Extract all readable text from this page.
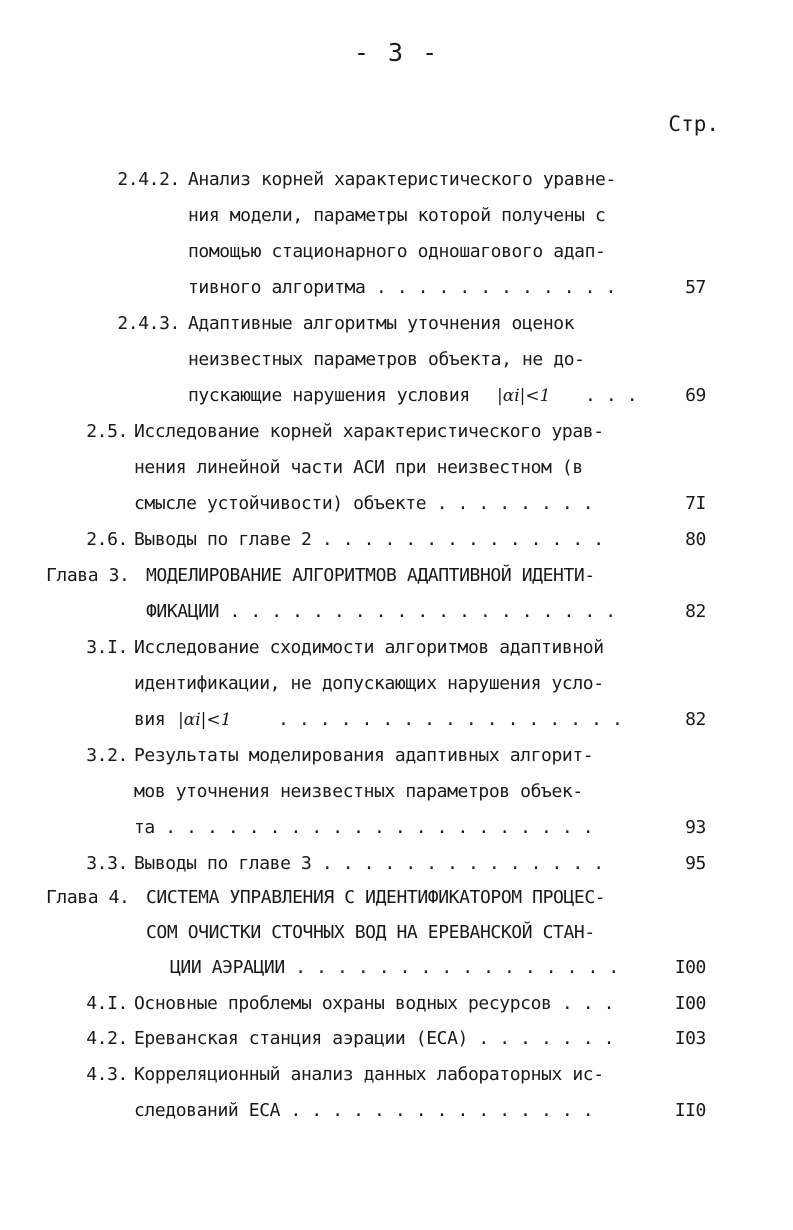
- 3 -
Стр.
2.4.2. Анализ корней характеристического уравне-
ния модели, параметры которой получены с
помощью стационарного одношагового адап-
тивного алгоритма . . . . . . . . . . . .	57
2.4.3. Адаптивные алгоритмы уточнения оценок
неизвестных параметров объекта, не до-
пускающие нарушения условия |αi|<1 . . .	69
2.5. Исследование корней характеристического урав-
нения линейной части АСИ при неизвестном (в
смысле устойчивости) объекте . . . . . . . .	7I
2.6. Выводы по главе 2 . . . . . . . . . . . . . .	80
Глава 3. МОДЕЛИРОВАНИЕ АЛГОРИТМОВ АДАПТИВНОЙ ИДЕНТИ-
ФИКАЦИИ . . . . . . . . . . . . . . . . . . .	82
3.I. Исследование сходимости алгоритмов адаптивной
идентификации, не допускающих нарушения усло-
вия |αi|<1	. . . . . . . . . . . . . . . . .	82
3.2. Результаты моделирования адаптивных алгорит-
мов уточнения неизвестных параметров объек-
та . . . . . . . . . . . . . . . . . . . . .	93
3.3. Выводы по главе 3 . . . . . . . . . . . . . .	95
Глава 4. СИСТЕМА УПРАВЛЕНИЯ С ИДЕНТИФИКАТОРОМ ПРОЦЕС-
СОМ ОЧИСТКИ СТОЧНЫХ ВОД НА ЕРЕВАНСКОЙ СТАН-
ЦИИ АЭРАЦИИ . . . . . . . . . . . . . . . .	I00
4.I. Основные проблемы охраны водных ресурсов . . .	I00
4.2. Ереванская станция аэрации (ЕСА) . . . . . . .	I03
4.3. Корреляционный анализ данных лабораторных ис-
следований ЕСА . . . . . . . . . . . . . . .	II0
